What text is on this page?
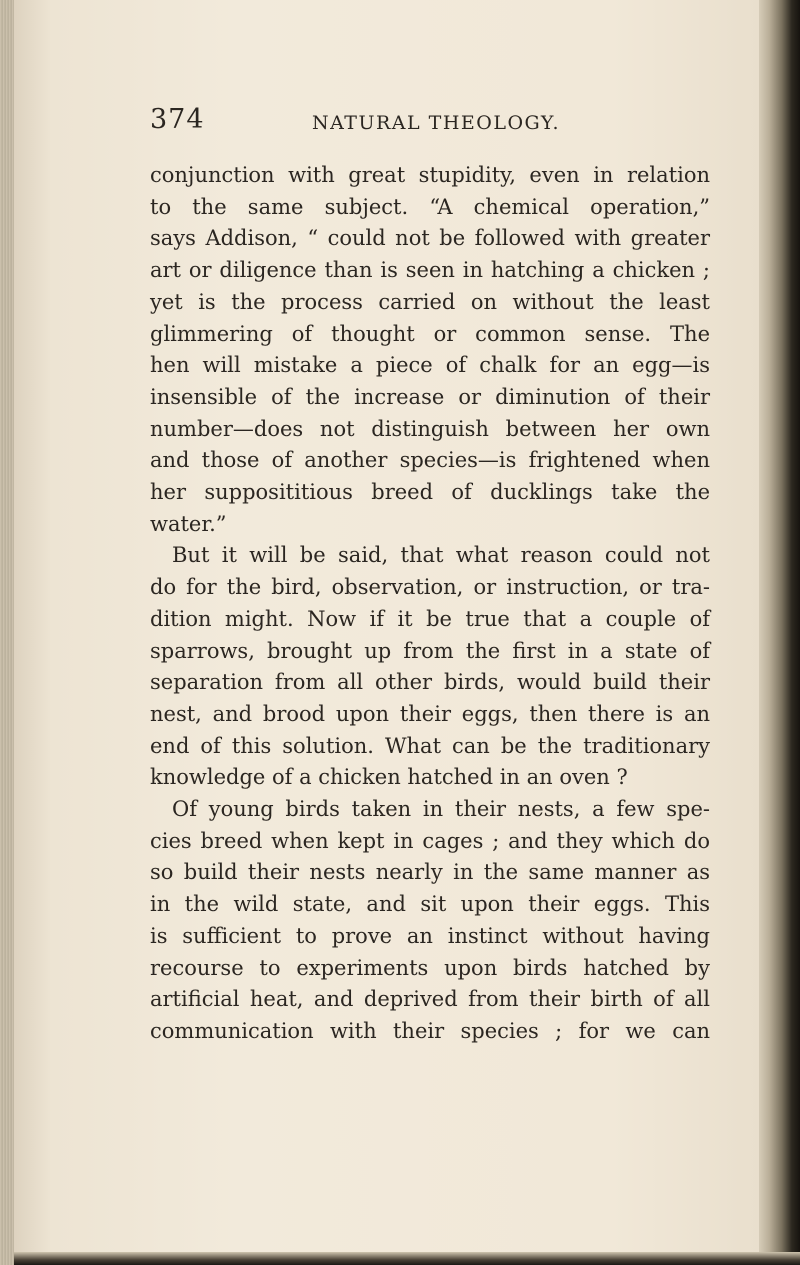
374	NATURAL THEOLOGY.
conjunction with great stupidity, even in relation
to the same subject. “A chemical operation,”
says Addison, “ could not be followed with greater
art or diligence than is seen in hatching a chicken ;
yet is the process carried on without the least
glimmering of thought or common sense. The
hen will mistake a piece of chalk for an egg—is
insensible of the increase or diminution of their
number—does not distinguish between her own
and those of another species—is frightened when
her supposititious breed of ducklings take the
water.”
But it will be said, that what reason could not
do for the bird, observation, or instruction, or tra-
dition might. Now if it be true that a couple of
sparrows, brought up from the first in a state of
separation from all other birds, would build their
nest, and brood upon their eggs, then there is an
end of this solution. What can be the traditionary
knowledge of a chicken hatched in an oven ?
Of young birds taken in their nests, a few spe-
cies breed when kept in cages ; and they which do
so build their nests nearly in the same manner as
in the wild state, and sit upon their eggs. This
is sufficient to prove an instinct without having
recourse to experiments upon birds hatched by
artificial heat, and deprived from their birth of all
communication with their species ; for we can
